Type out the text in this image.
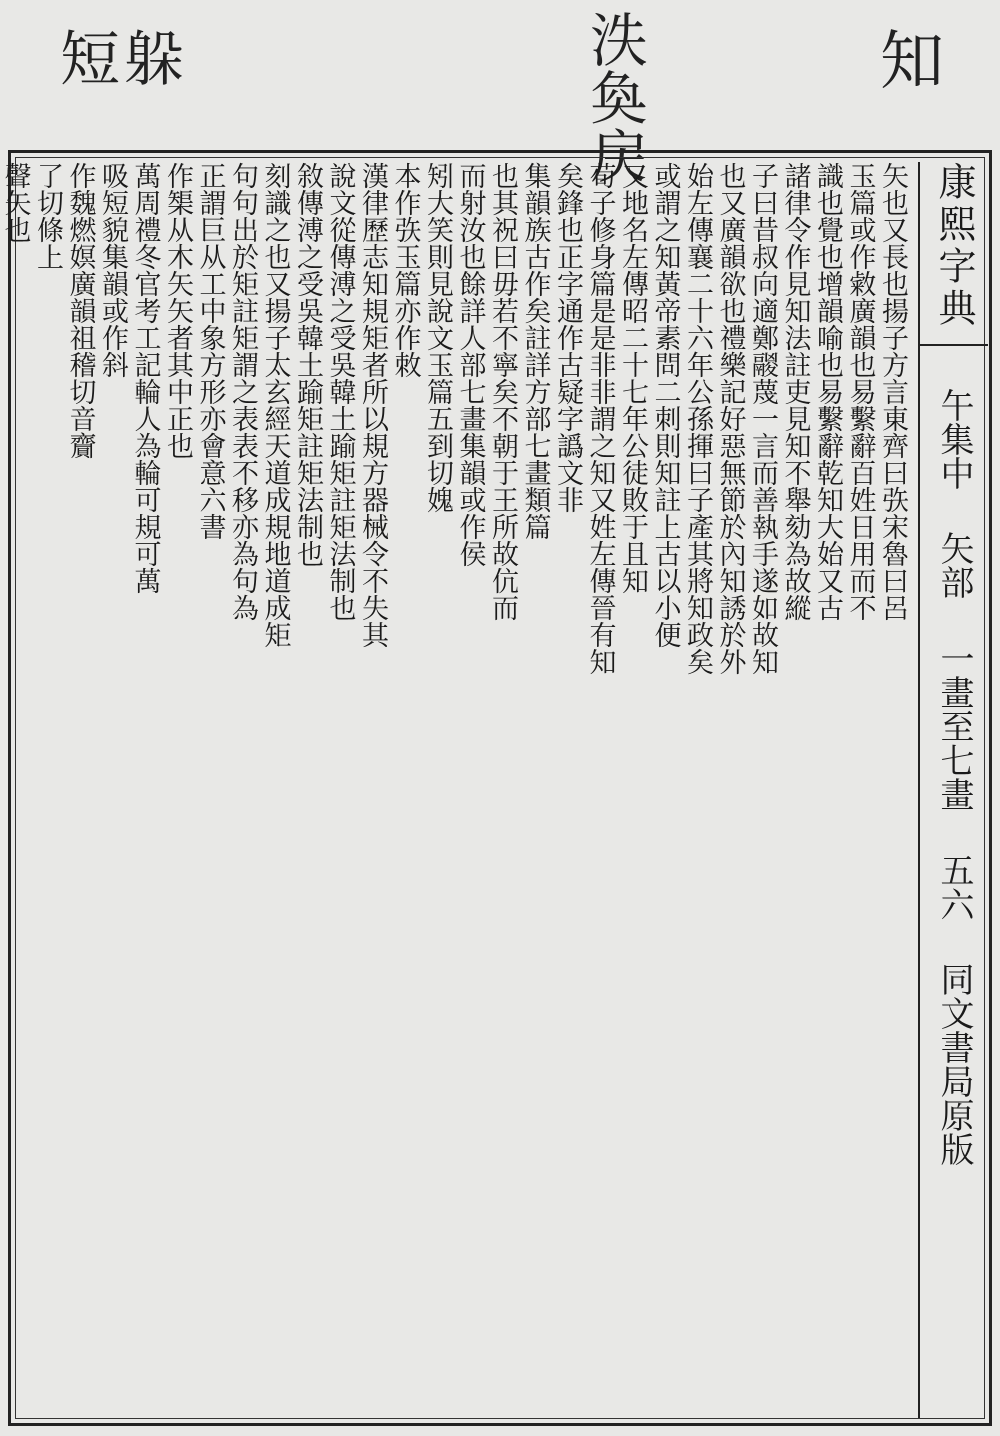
短躲	泆奐戻	知
康熙字典  午集中  矢部  一畫至七畫  五六  同文書局原版
矢也又長也揚子方言東齊曰矤宋魯曰呂
玉篇或作敹廣韻也易繫辭百姓日用而不
識也覺也增韻喻也易繫辭乾知大始又古
諸律令作見知法註吏見知不舉劾為故縱
子曰昔叔向適鄭鬷蔑一言而善執手遂如故知
也又廣韻欲也禮樂記好惡無節於內知誘於外
始左傳襄二十六年公孫揮曰子產其將知政矣
或謂之知黃帝素問二刺則知註上古以小便
又地名左傳昭二十七年公徒敗于且知
荀子修身篇是是非非謂之知又姓左傳晉有知
矣鋒也正字通作古疑字譌文非
集韻族古作矣註詳方部七畫類篇
也其祝曰毋若不寧矣不朝于王所故伉而
而射汝也餘詳人部七畫集韻或作侯
矧大笑則見說文玉篇五到切媿
本作矤玉篇亦作敇
漢律歷志知規矩者所以規方器械令不失其
說文從傳溥之受吳韓土踰矩註矩法制也
敘傳溥之受吳韓土踰矩註矩法制也
刻識之也又揚子太玄經天道成規地道成矩
句句出於矩註矩謂之表表不移亦為句為
正謂巨从工中象方形亦會意六書
作榘从木矢矢者其中正也
萬周禮冬官考工記輪人為輪可規可萬
吸短貌集韻或作斜
作魏燃嫇廣韻祖稽切音齎
了切條上
聲矢也
